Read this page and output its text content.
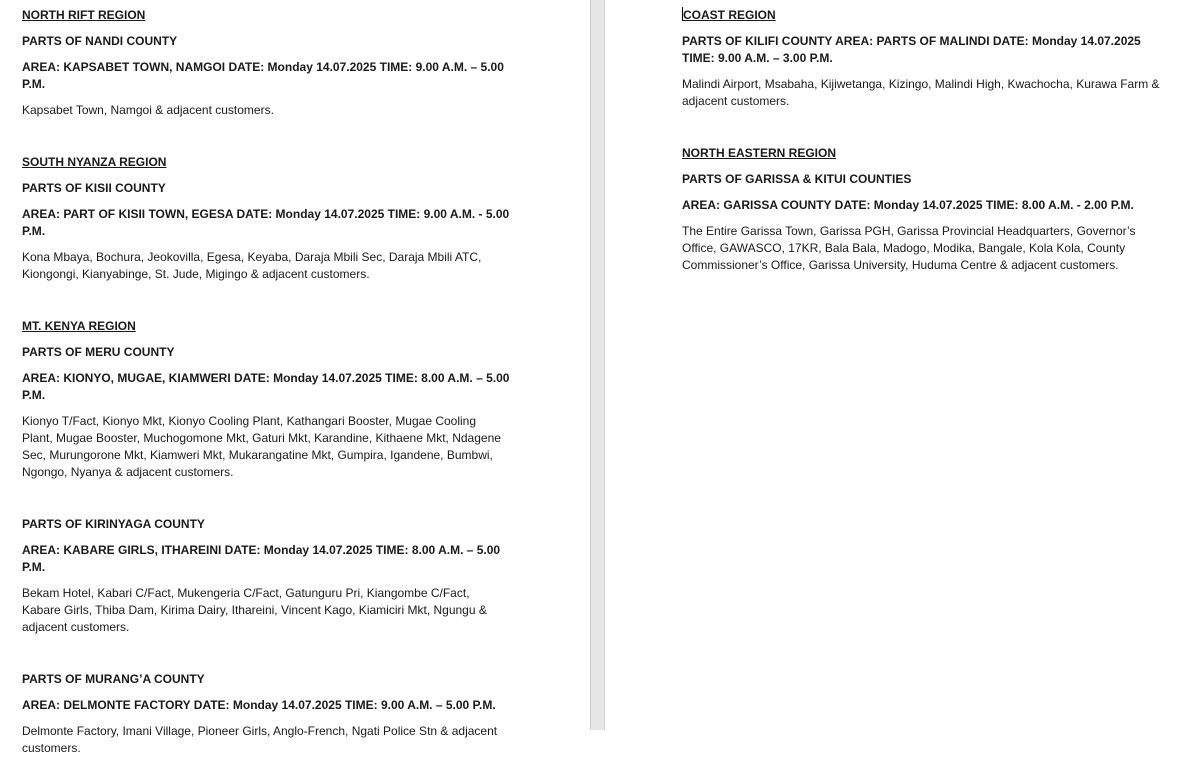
NORTH RIFT REGION

PARTS OF NANDI COUNTY

AREA: KAPSABET TOWN, NAMGOI DATE: Monday 14.07.2025 TIME: 9.00 A.M. – 5.00 P.M.

Kapsabet Town, Namgoi & adjacent customers.

SOUTH NYANZA REGION

PARTS OF KISII COUNTY

AREA: PART OF KISII TOWN, EGESA DATE: Monday 14.07.2025 TIME: 9.00 A.M. - 5.00 P.M.

Kona Mbaya, Bochura, Jeokovilla, Egesa, Keyaba, Daraja Mbili Sec, Daraja Mbili ATC, Kiongongi, Kianyabinge, St. Jude, Migingo & adjacent customers.

MT. KENYA REGION

PARTS OF MERU COUNTY

AREA: KIONYO, MUGAE, KIAMWERI DATE: Monday 14.07.2025 TIME: 8.00 A.M. – 5.00 P.M.

Kionyo T/Fact, Kionyo Mkt, Kionyo Cooling Plant, Kathangari Booster, Mugae Cooling Plant, Mugae Booster, Muchogomone Mkt, Gaturi Mkt, Karandine, Kithaene Mkt, Ndagene Sec, Murungorone Mkt, Kiamweri Mkt, Mukarangatine Mkt, Gumpira, Igandene, Bumbwi, Ngongo, Nyanya & adjacent customers.

PARTS OF KIRINYAGA COUNTY

AREA: KABARE GIRLS, ITHAREINI DATE: Monday 14.07.2025 TIME: 8.00 A.M. – 5.00 P.M.

Bekam Hotel, Kabari C/Fact, Mukengeria C/Fact, Gatunguru Pri, Kiangombe C/Fact, Kabare Girls, Thiba Dam, Kirima Dairy, Ithareini, Vincent Kago, Kiamiciri Mkt, Ngungu & adjacent customers.

PARTS OF MURANG’A COUNTY

AREA: DELMONTE FACTORY DATE: Monday 14.07.2025 TIME: 9.00 A.M. – 5.00 P.M.

Delmonte Factory, Imani Village, Pioneer Girls, Anglo-French, Ngati Police Stn & adjacent customers.

COAST REGION

PARTS OF KILIFI COUNTY AREA: PARTS OF MALINDI DATE: Monday 14.07.2025 TIME: 9.00 A.M. – 3.00 P.M.

Malindi Airport, Msabaha, Kijiwetanga, Kizingo, Malindi High, Kwachocha, Kurawa Farm & adjacent customers.

NORTH EASTERN REGION

PARTS OF GARISSA & KITUI COUNTIES

AREA: GARISSA COUNTY DATE: Monday 14.07.2025 TIME: 8.00 A.M. - 2.00 P.M.

The Entire Garissa Town, Garissa PGH, Garissa Provincial Headquarters, Governor’s Office, GAWASCO, 17KR, Bala Bala, Madogo, Modika, Bangale, Kola Kola, County Commissioner’s Office, Garissa University, Huduma Centre & adjacent customers.
